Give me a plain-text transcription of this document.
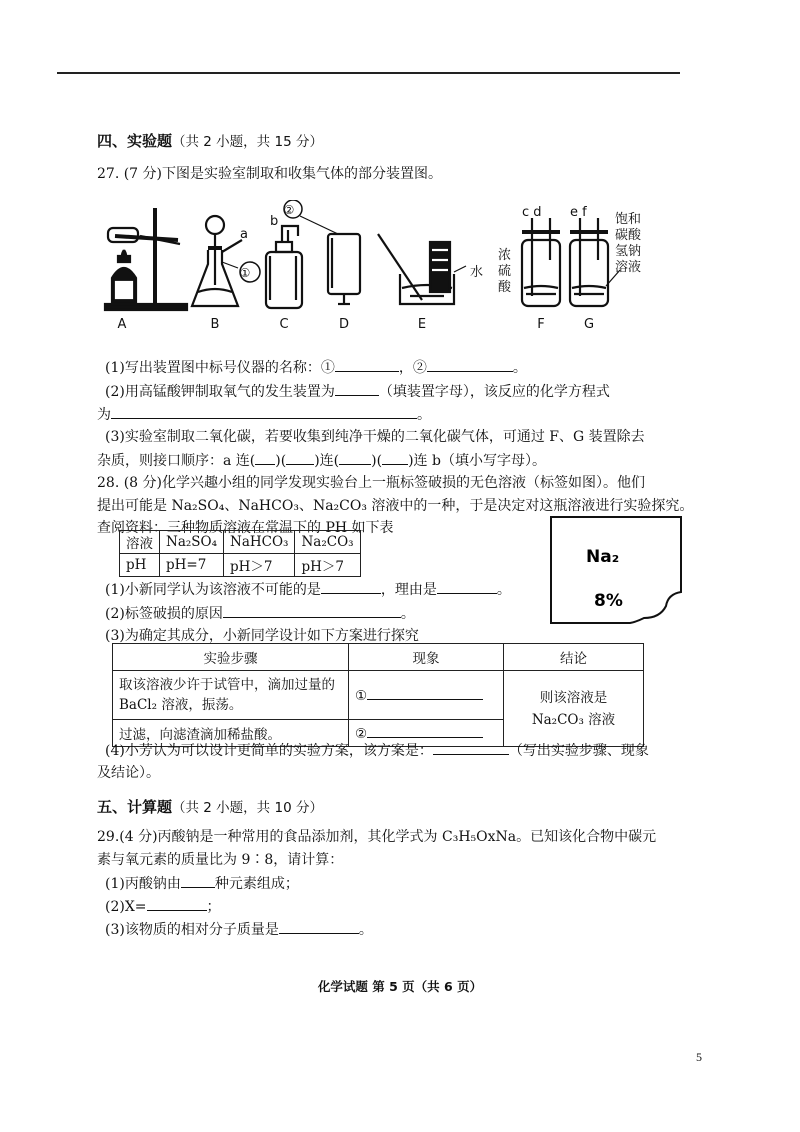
四、实验题（共 2 小题，共 15 分）
27. (7 分)下图是实验室制取和收集气体的部分装置图。
①
②
a
b
c d e f
水
A	B	C	D	E	F	G
浓硫酸
饱和碳酸氢钠溶液
(1)写出装置图中标号仪器的名称：①	，②	。
(2)用高锰酸钾制取氧气的发生装置为	（填装置字母），该反应的化学方程式
为	。
(3)实验室制取二氧化碳，若要收集到纯净干燥的二氧化碳气体，可通过 F、G 装置除去
杂质，则接口顺序：a 连( )( )连( )( )连 b（填小写字母）。
28. (8 分)化学兴趣小组的同学发现实验台上一瓶标签破损的无色溶液（标签如图）。他们
提出可能是 Na₂SO₄、NaHCO₃、Na₂CO₃ 溶液中的一种，于是决定对这瓶溶液进行实验探究。
查阅资料：三种物质溶液在常温下的 PH 如下表
溶液	Na₂SO₄	NaHCO₃	Na₂CO₃
pH	pH=7	pH＞7	pH＞7	Na₂
8%
(1)小新同学认为该溶液不可能的是	，理由是	。
(2)标签破损的原因	。
(3)为确定其成分，小新同学设计如下方案进行探究
实验步骤	现象	结论
取该溶液少许于试管中，滴加过量的 BaCl₂ 溶液，振荡。	①	则该溶液是
Na₂CO₃ 溶液

过滤，向滤渣滴加稀盐酸。	②	
(4)小芳认为可以设计更简单的实验方案，该方案是：	（写出实验步骤、现象
及结论）。
五、计算题（共 2 小题，共 10 分）
29.(4 分)丙酸钠是一种常用的食品添加剂，其化学式为 C₃H₅OxNa。已知该化合物中碳元
素与氧元素的质量比为 9∶8，请计算：
(1)丙酸钠由 种元素组成；
(2)X=	；
(3)该物质的相对分子质量是	。
化学试题 第 5 页（共 6 页）
5
